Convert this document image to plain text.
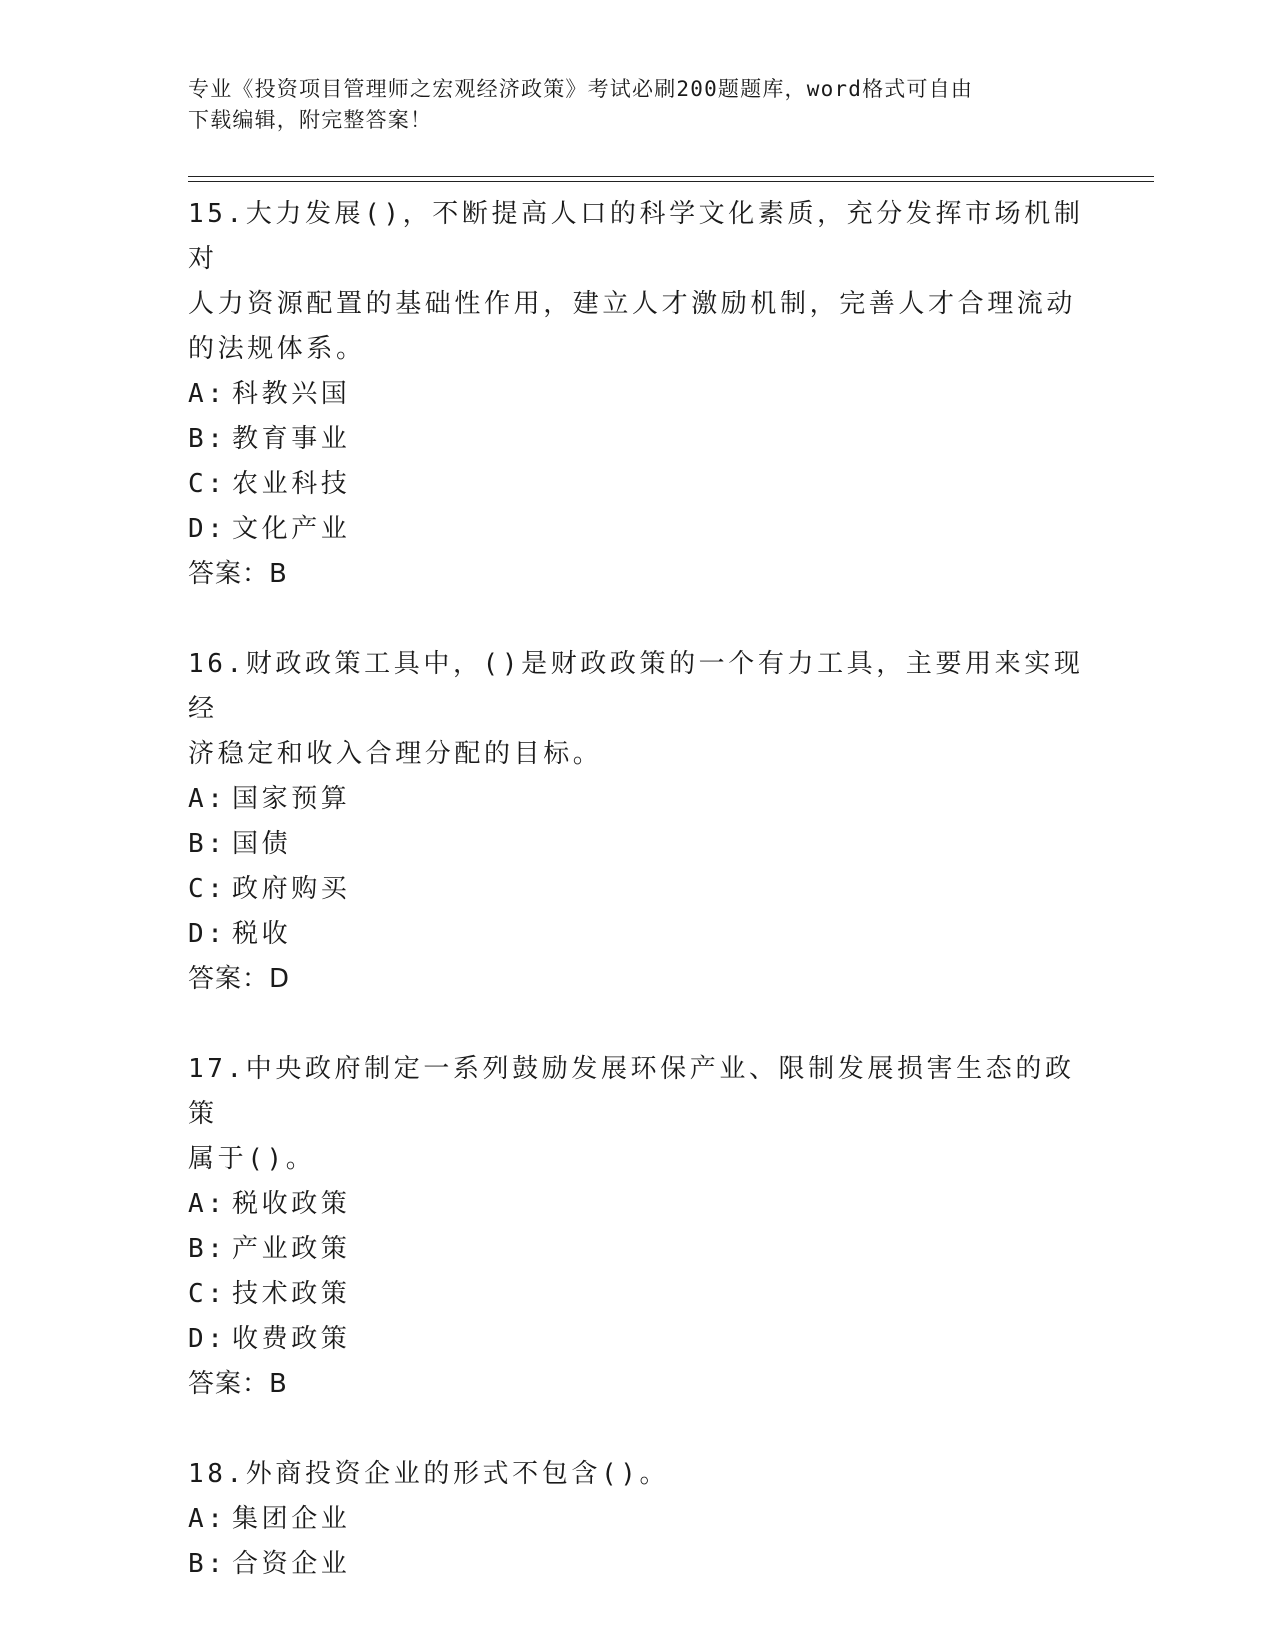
专业《投资项目管理师之宏观经济政策》考试必刷200题题库，word格式可自由
下载编辑，附完整答案！
15.大力发展()，不断提高人口的科学文化素质，充分发挥市场机制对
人力资源配置的基础性作用，建立人才激励机制，完善人才合理流动
的法规体系。
A: 科教兴国
B: 教育事业
C: 农业科技
D: 文化产业
答案：B
16.财政政策工具中，()是财政政策的一个有力工具，主要用来实现经
济稳定和收入合理分配的目标。
A: 国家预算
B: 国债
C: 政府购买
D: 税收
答案：D
17.中央政府制定一系列鼓励发展环保产业、限制发展损害生态的政策
属于()。
A: 税收政策
B: 产业政策
C: 技术政策
D: 收费政策
答案：B
18.外商投资企业的形式不包含()。
A: 集团企业
B: 合资企业
